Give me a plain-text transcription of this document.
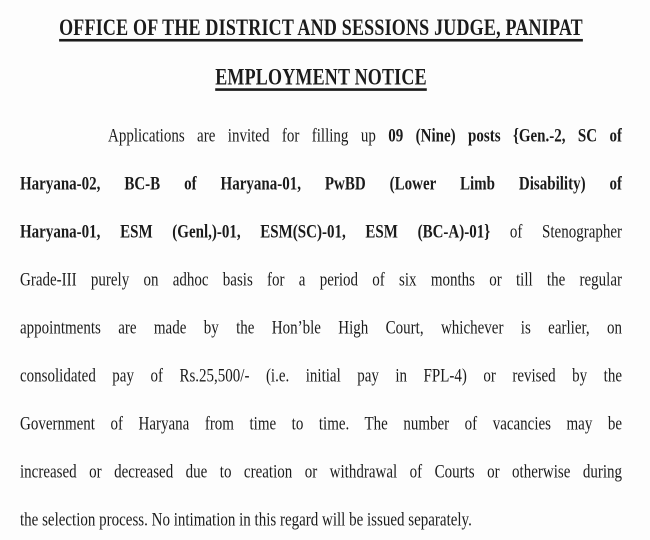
OFFICE OF THE DISTRICT AND SESSIONS JUDGE, PANIPAT
EMPLOYMENT NOTICE
Applications are invited for filling up 09 (Nine) posts {Gen.-2, SC of
Haryana-02, BC-B of Haryana-01, PwBD (Lower Limb Disability) of
Haryana-01, ESM (Genl,)-01, ESM(SC)-01, ESM (BC-A)-01} of Stenographer
Grade-III purely on adhoc basis for a period of six months or till the regular
appointments are made by the Hon’ble High Court, whichever is earlier, on
consolidated pay of Rs.25,500/- (i.e. initial pay in FPL-4) or revised by the
Government of Haryana from time to time. The number of vacancies may be
increased or decreased due to creation or withdrawal of Courts or otherwise during
the selection process. No intimation in this regard will be issued separately.
